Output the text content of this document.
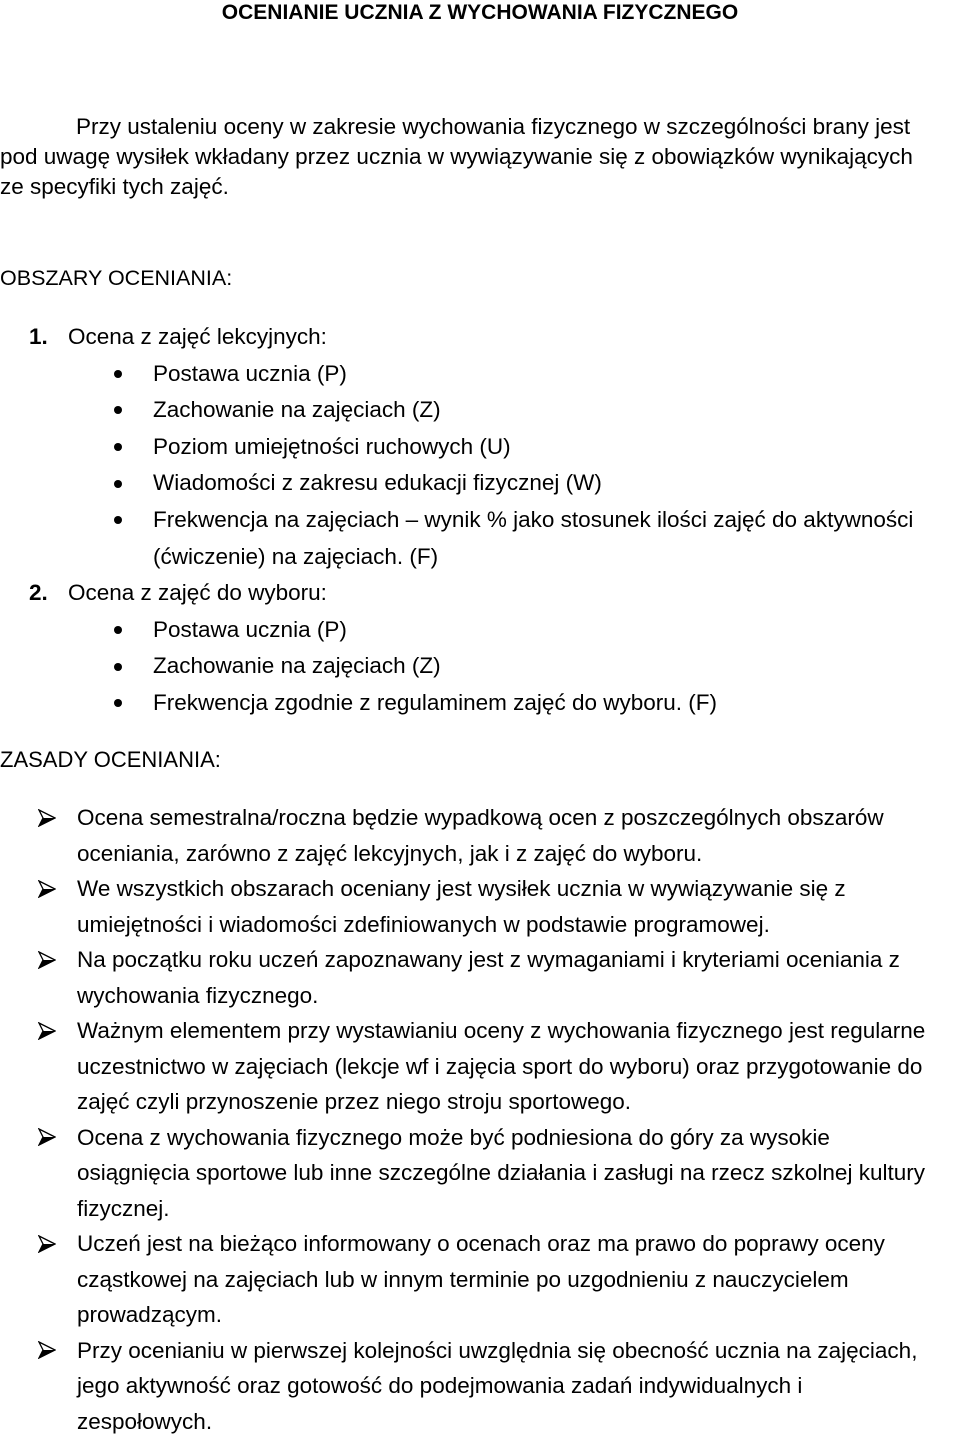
OCENIANIE UCZNIA Z WYCHOWANIA FIZYCZNEGO
Przy ustaleniu oceny w zakresie wychowania fizycznego w szczególności brany jest
pod uwagę wysiłek wkładany przez ucznia w wywiązywanie się z obowiązków wynikających
ze specyfiki tych zajęć.
OBSZARY OCENIANIA:
1. Ocena z zajęć lekcyjnych:
Postawa ucznia (P)
Zachowanie na zajęciach (Z)
Poziom umiejętności ruchowych (U)
Wiadomości z zakresu edukacji fizycznej (W)
Frekwencja na zajęciach – wynik % jako stosunek ilości zajęć do aktywności
(ćwiczenie) na zajęciach. (F)
2. Ocena z zajęć do wyboru:
Postawa ucznia (P)
Zachowanie na zajęciach (Z)
Frekwencja zgodnie z regulaminem zajęć do wyboru. (F)
ZASADY OCENIANIA:
Ocena semestralna/roczna będzie wypadkową ocen z poszczególnych obszarów
oceniania, zarówno z zajęć lekcyjnych, jak i z zajęć do wyboru.
We wszystkich obszarach oceniany jest wysiłek ucznia w wywiązywanie się z
umiejętności i wiadomości zdefiniowanych w podstawie programowej.
Na początku roku uczeń zapoznawany jest z wymaganiami i kryteriami oceniania z
wychowania fizycznego.
Ważnym elementem przy wystawianiu oceny z wychowania fizycznego jest regularne
uczestnictwo w zajęciach (lekcje wf i zajęcia sport do wyboru) oraz przygotowanie do
zajęć czyli przynoszenie przez niego stroju sportowego.
Ocena z wychowania fizycznego może być podniesiona do góry za wysokie
osiągnięcia sportowe lub inne szczególne działania i zasługi na rzecz szkolnej kultury
fizycznej.
Uczeń jest na bieżąco informowany o ocenach oraz ma prawo do poprawy oceny
cząstkowej na zajęciach lub w innym terminie po uzgodnieniu z nauczycielem
prowadzącym.
Przy ocenianiu w pierwszej kolejności uwzględnia się obecność ucznia na zajęciach,
jego aktywność oraz gotowość do podejmowania zadań indywidualnych i
zespołowych.
